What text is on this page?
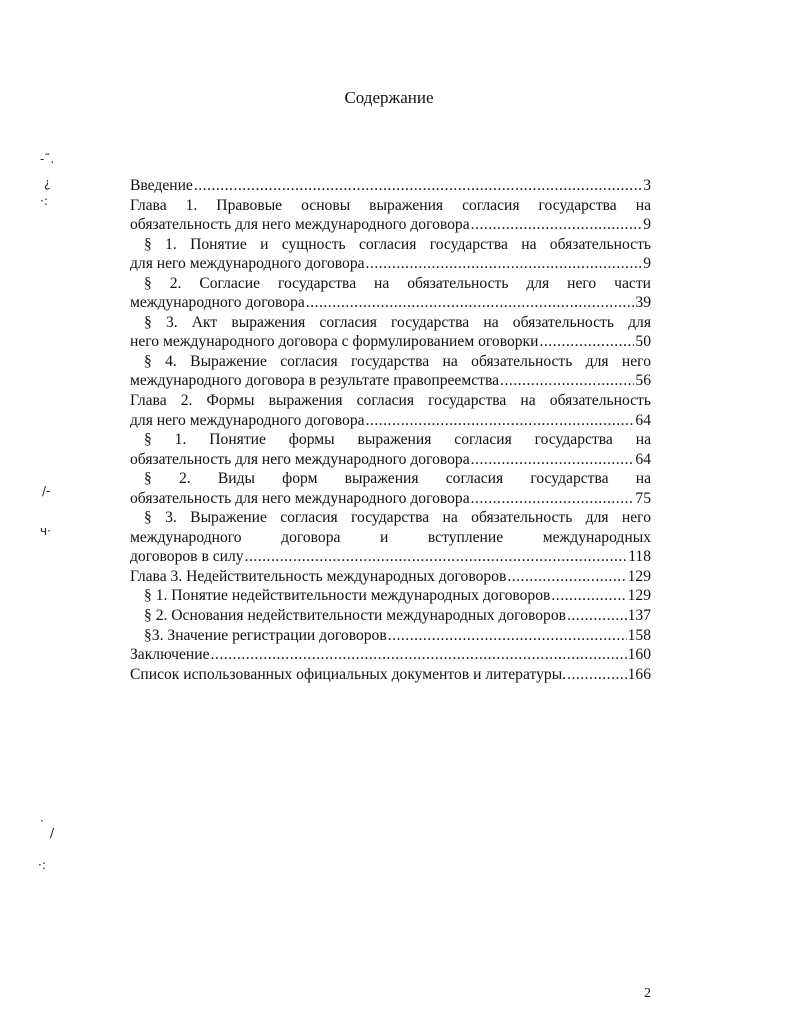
Содержание
Введение .....	3
Глава 1. Правовые основы выражения согласия государства на
обязательность для него международного договора .....	9
§ 1. Понятие и сущность согласия государства на обязательность
для него международного договора .....	9
§ 2. Согласие государства на обязательность для него части
международного договора .....	39
§ 3. Акт выражения согласия государства на обязательность для
него международного договора с формулированием оговорки .....	50
§ 4. Выражение согласия государства на обязательность для него
международного договора в результате правопреемства .....	56
Глава 2. Формы выражения согласия государства на обязательность
для него международного договора .....	64
§ 1. Понятие формы выражения согласия государства на
обязательность для него международного договора .....	64
§ 2. Виды форм выражения согласия государства на
обязательность для него международного договора .....	75
§ 3. Выражение согласия государства на обязательность для него
международного договора и вступление международных
договоров в силу .....	118
Глава 3. Недействительность международных договоров .....	129
§ 1. Понятие недействительности международных договоров .....	129
§ 2. Основания недействительности международных договоров .....	137
§3. Значение регистрации договоров .....	158
Заключение .....	160
Список использованных официальных документов и литературы. .....	166
2
-˜.
¿
·:
/-
ч·
·
/
·:
